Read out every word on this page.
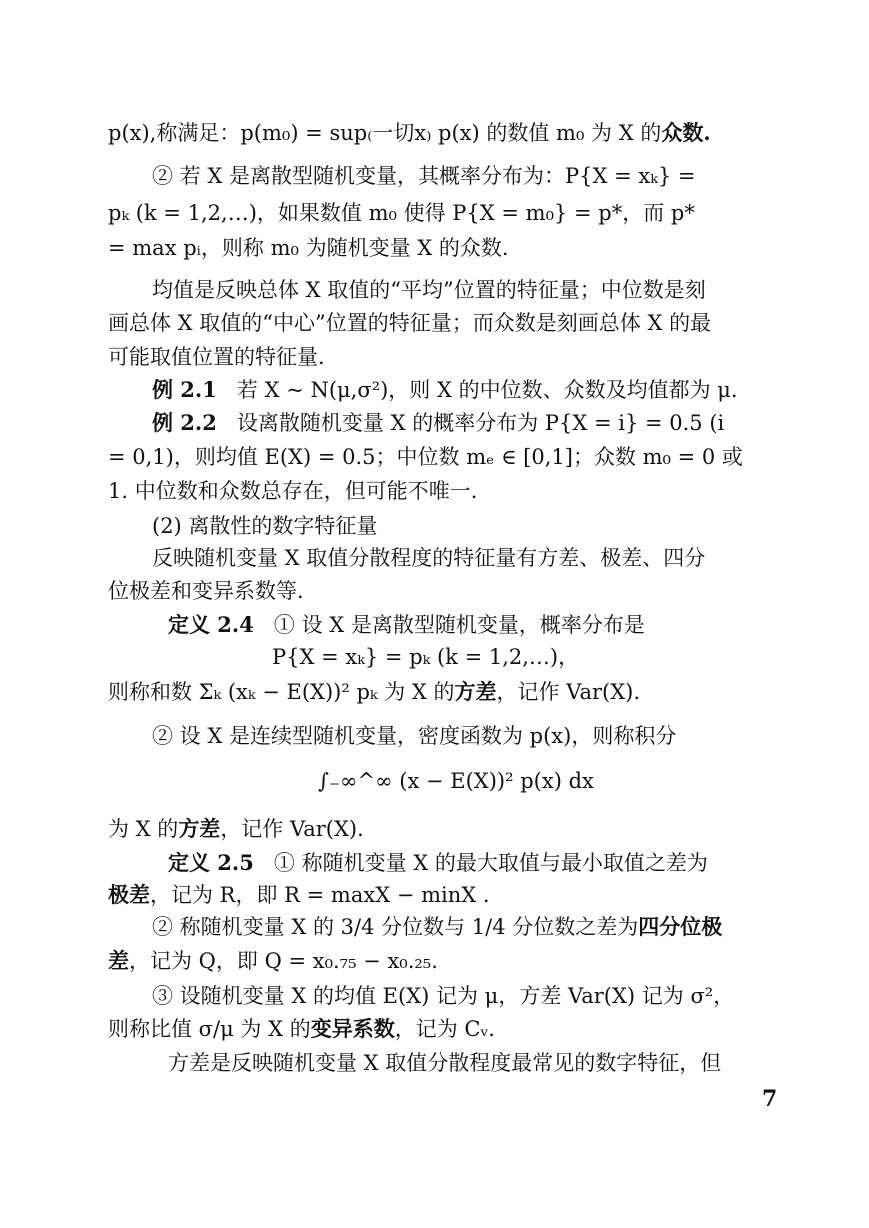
p(x),称满足：p(m₀) = sup₍一切x₎ p(x) 的数值 m₀ 为 X 的众数.
② 若 X 是离散型随机变量，其概率分布为：P{X = xₖ} =
pₖ (k = 1,2,…)，如果数值 m₀ 使得 P{X = m₀} = p*，而 p*
= max pᵢ，则称 m₀ 为随机变量 X 的众数.
均值是反映总体 X 取值的“平均”位置的特征量；中位数是刻
画总体 X 取值的“中心”位置的特征量；而众数是刻画总体 X 的最
可能取值位置的特征量.
例 2.1 若 X ~ N(μ,σ²)，则 X 的中位数、众数及均值都为 μ.
例 2.2 设离散随机变量 X 的概率分布为 P{X = i} = 0.5 (i
= 0,1)，则均值 E(X) = 0.5；中位数 mₑ ∈ [0,1]；众数 m₀ = 0 或
1. 中位数和众数总存在，但可能不唯一.
(2) 离散性的数字特征量
反映随机变量 X 取值分散程度的特征量有方差、极差、四分
位极差和变异系数等.
定义 2.4 ① 设 X 是离散型随机变量，概率分布是
P{X = xₖ} = pₖ (k = 1,2,…)，
则称和数 Σₖ (xₖ − E(X))² pₖ 为 X 的方差，记作 Var(X).
② 设 X 是连续型随机变量，密度函数为 p(x)，则称积分
∫₋∞^∞ (x − E(X))² p(x) dx
为 X 的方差，记作 Var(X).
定义 2.5 ① 称随机变量 X 的最大取值与最小取值之差为
极差，记为 R，即 R = maxX − minX .
② 称随机变量 X 的 3/4 分位数与 1/4 分位数之差为四分位极
差，记为 Q，即 Q = x₀.₇₅ − x₀.₂₅.
③ 设随机变量 X 的均值 E(X) 记为 μ，方差 Var(X) 记为 σ²，
则称比值 σ/μ 为 X 的变异系数，记为 Cᵥ.
方差是反映随机变量 X 取值分散程度最常见的数字特征，但
7
